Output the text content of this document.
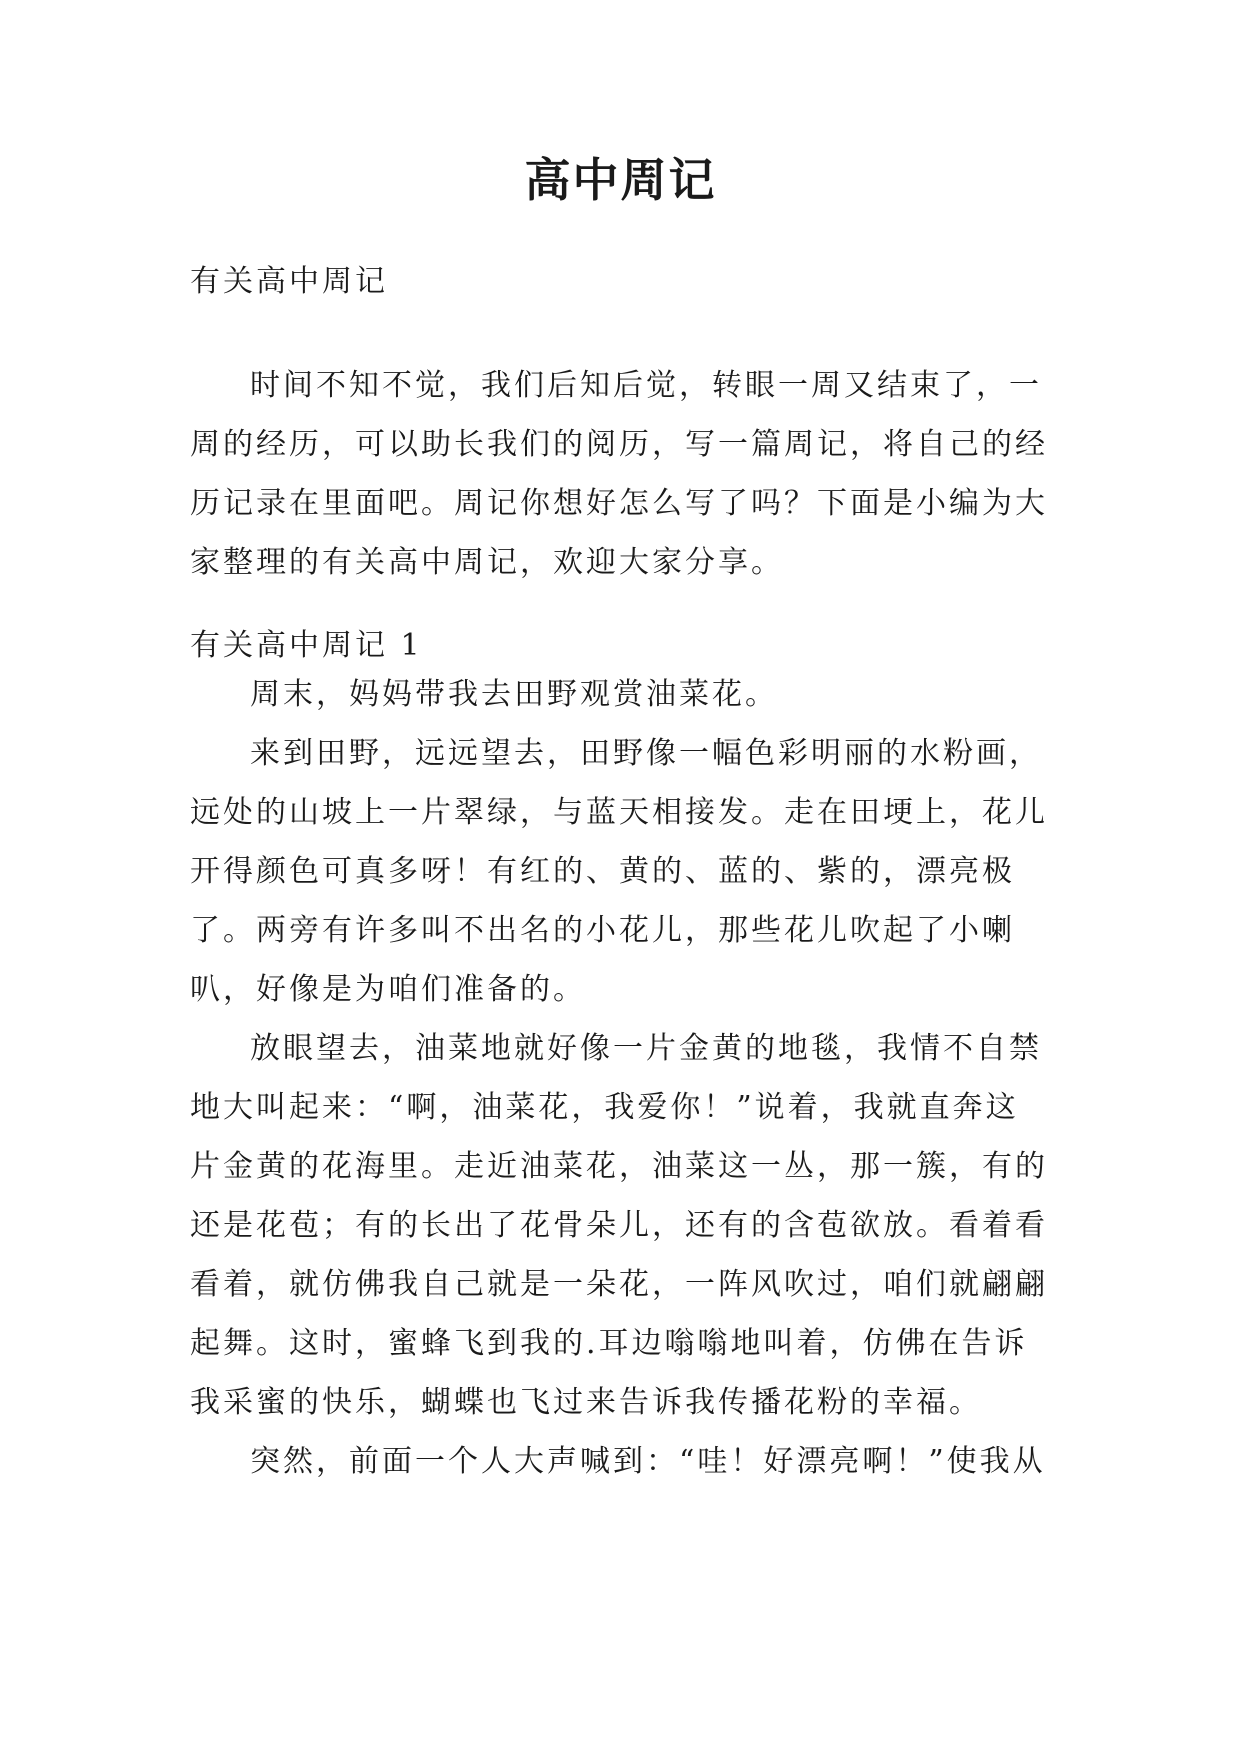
高中周记
有关高中周记

时间不知不觉，我们后知后觉，转眼一周又结束了，一周的经历，可以助长我们的阅历，写一篇周记，将自己的经历记录在里面吧。周记你想好怎么写了吗？下面是小编为大家整理的有关高中周记，欢迎大家分享。

有关高中周记 1

周末，妈妈带我去田野观赏油菜花。

来到田野，远远望去，田野像一幅色彩明丽的水粉画，远处的山坡上一片翠绿，与蓝天相接发。走在田埂上，花儿开得颜色可真多呀！有红的、黄的、蓝的、紫的，漂亮极了。两旁有许多叫不出名的小花儿，那些花儿吹起了小喇叭，好像是为咱们准备的。

放眼望去，油菜地就好像一片金黄的地毯，我情不自禁地大叫起来：“啊，油菜花，我爱你！”说着，我就直奔这片金黄的花海里。走近油菜花，油菜这一丛，那一簇，有的还是花苞；有的长出了花骨朵儿，还有的含苞欲放。看着看看着，就仿佛我自己就是一朵花，一阵风吹过，咱们就翩翩起舞。这时，蜜蜂飞到我的.耳边嗡嗡地叫着，仿佛在告诉我采蜜的快乐，蝴蝶也飞过来告诉我传播花粉的幸福。

突然，前面一个人大声喊到：“哇！好漂亮啊！”使我从
